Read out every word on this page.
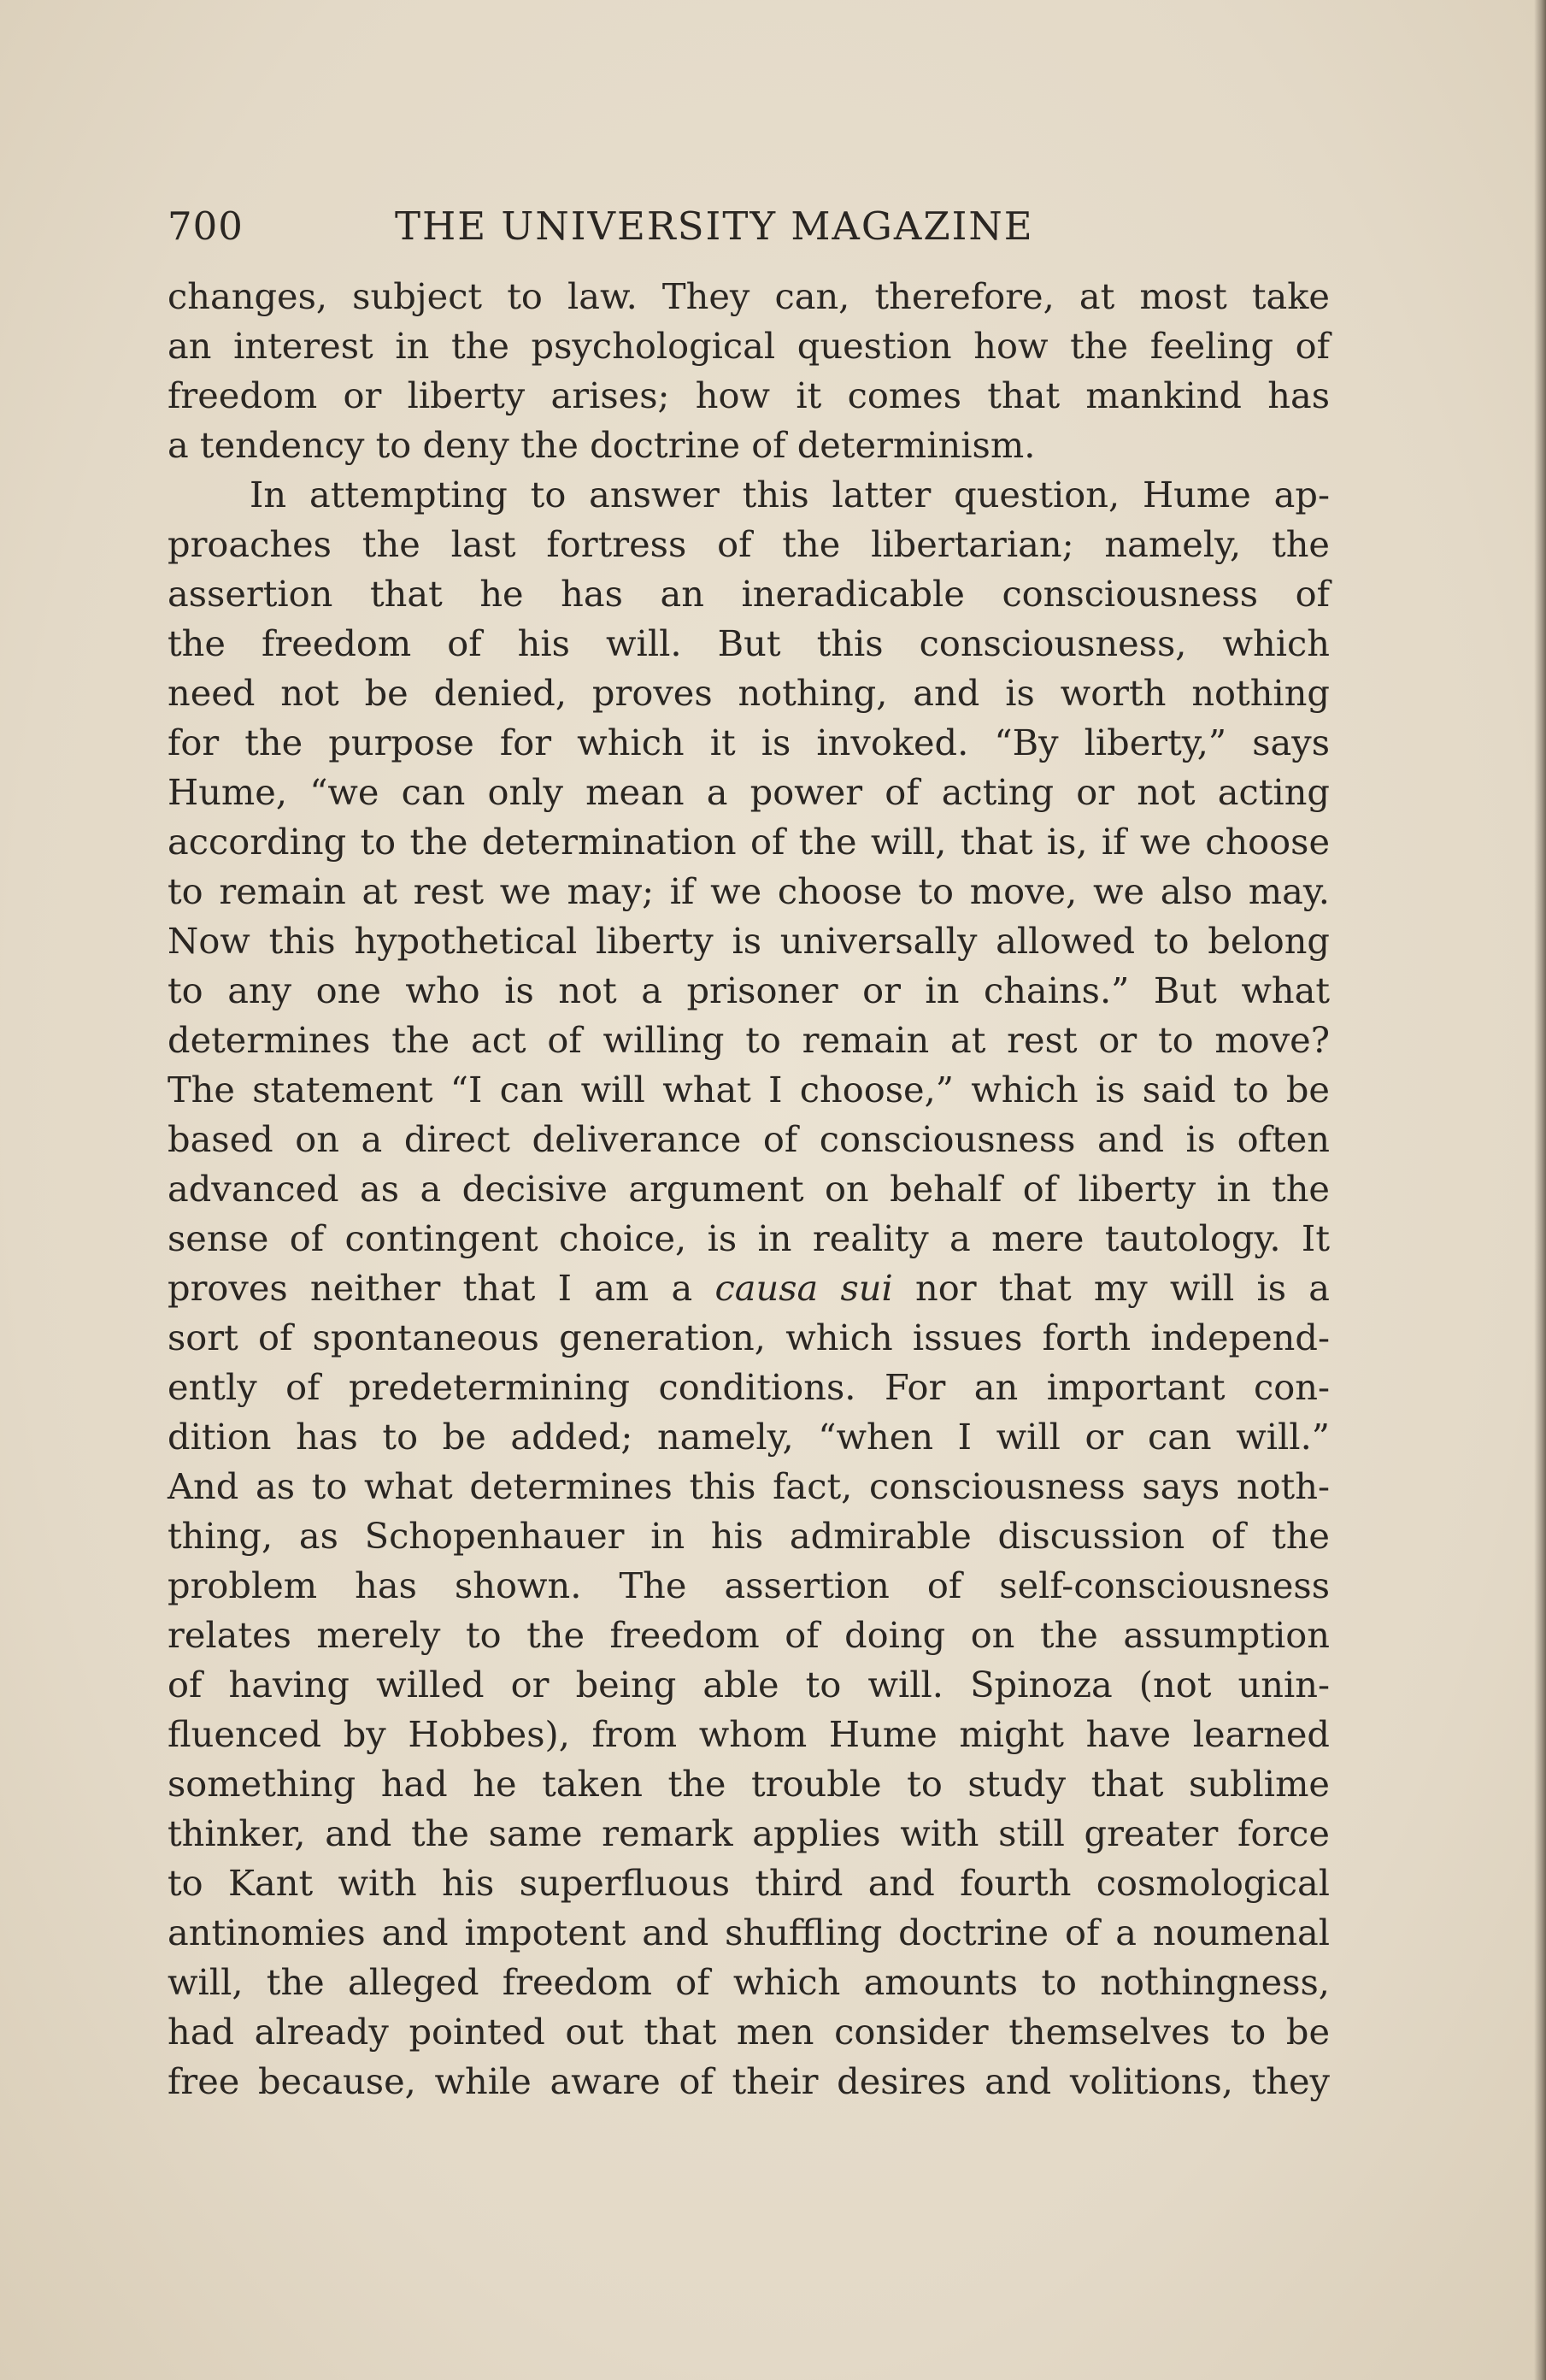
700	THE UNIVERSITY MAGAZINE
changes, subject to law. They can, therefore, at most take
an interest in the psychological question how the feeling of
freedom or liberty arises; how it comes that mankind has
a tendency to deny the doctrine of determinism.
In attempting to answer this latter question, Hume ap-
proaches the last fortress of the libertarian; namely, the
assertion that he has an ineradicable consciousness of
the freedom of his will. But this consciousness, which
need not be denied, proves nothing, and is worth nothing
for the purpose for which it is invoked. “By liberty,” says
Hume, “we can only mean a power of acting or not acting
according to the determination of the will, that is, if we choose
to remain at rest we may; if we choose to move, we also may.
Now this hypothetical liberty is universally allowed to belong
to any one who is not a prisoner or in chains.” But what
determines the act of willing to remain at rest or to move?
The statement “I can will what I choose,” which is said to be
based on a direct deliverance of consciousness and is often
advanced as a decisive argument on behalf of liberty in the
sense of contingent choice, is in reality a mere tautology. It
proves neither that I am a causa sui nor that my will is a
sort of spontaneous generation, which issues forth independ-
ently of predetermining conditions. For an important con-
dition has to be added; namely, “when I will or can will.”
And as to what determines this fact, consciousness says noth-
thing, as Schopenhauer in his admirable discussion of the
problem has shown. The assertion of self-consciousness
relates merely to the freedom of doing on the assumption
of having willed or being able to will. Spinoza (not unin-
fluenced by Hobbes), from whom Hume might have learned
something had he taken the trouble to study that sublime
thinker, and the same remark applies with still greater force
to Kant with his superfluous third and fourth cosmological
antinomies and impotent and shuffling doctrine of a noumenal
will, the alleged freedom of which amounts to nothingness,
had already pointed out that men consider themselves to be
free because, while aware of their desires and volitions, they
